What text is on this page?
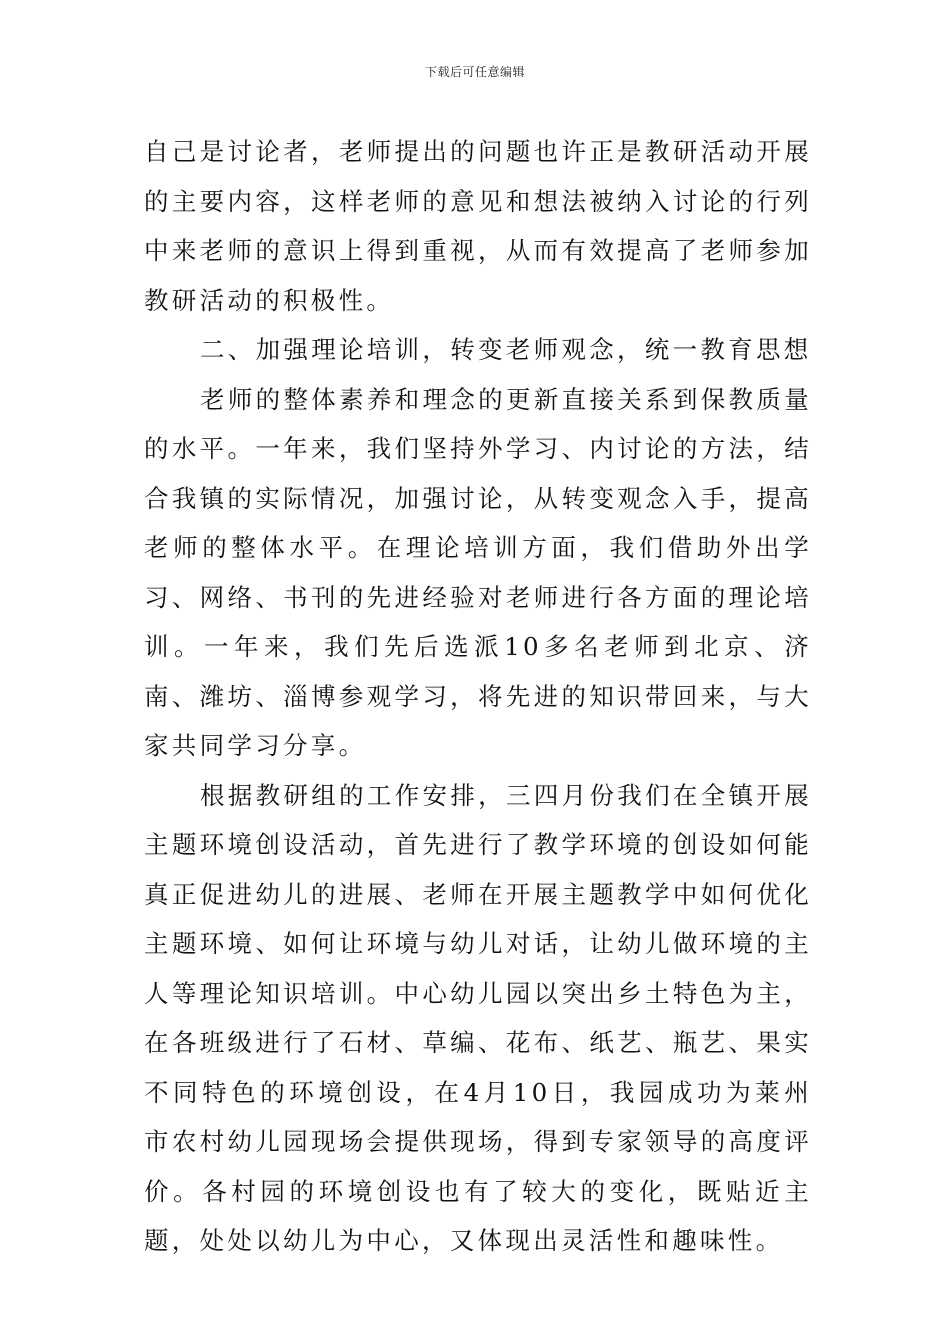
下载后可任意编辑

自己是讨论者，老师提出的问题也许正是教研活动开展的主要内容，这样老师的意见和想法被纳入讨论的行列中来老师的意识上得到重视，从而有效提高了老师参加教研活动的积极性。

二、加强理论培训，转变老师观念，统一教育思想

老师的整体素养和理念的更新直接关系到保教质量的水平。一年来，我们坚持外学习、内讨论的方法，结合我镇的实际情况，加强讨论，从转变观念入手，提高老师的整体水平。在理论培训方面，我们借助外出学习、网络、书刊的先进经验对老师进行各方面的理论培训。一年来，我们先后选派10多名老师到北京、济南、潍坊、淄博参观学习，将先进的知识带回来，与大家共同学习分享。

根据教研组的工作安排，三四月份我们在全镇开展主题环境创设活动，首先进行了教学环境的创设如何能真正促进幼儿的进展、老师在开展主题教学中如何优化主题环境、如何让环境与幼儿对话，让幼儿做环境的主人等理论知识培训。中心幼儿园以突出乡土特色为主，在各班级进行了石材、草编、花布、纸艺、瓶艺、果实不同特色的环境创设，在4月10日，我园成功为莱州市农村幼儿园现场会提供现场，得到专家领导的高度评价。各村园的环境创设也有了较大的变化，既贴近主题，处处以幼儿为中心，又体现出灵活性和趣味性。
